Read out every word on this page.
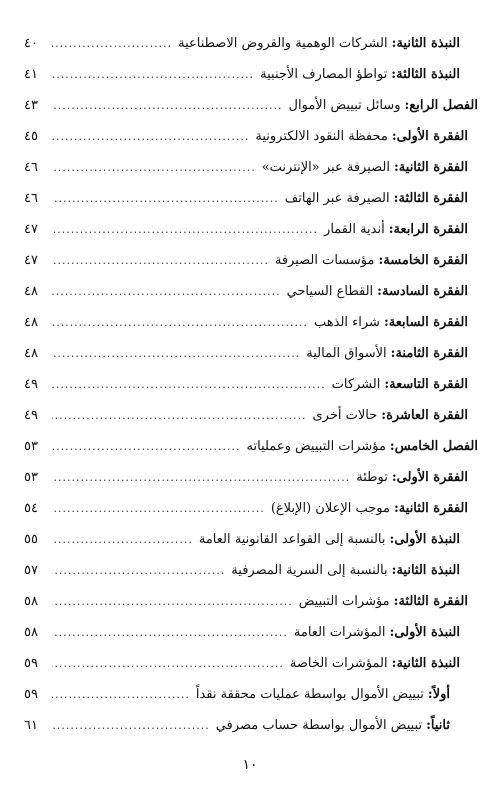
النبذة الثانية
:
الشركات الوهمية والقروض الاصطناعية
.....
٤٠
النبذة الثالثة
:
تواطؤ المصارف الأجنبية
.....
٤١
الفصل الرابع
:
وسائل تبييض الأموال
.....
٤٣
الفقرة الأولى
:
محفظة النقود الالكترونية
.....
٤٥
الفقرة الثانية
:
الصيرفة عبر «الإنترنت»
.....
٤٦
الفقرة الثالثة
:
الصيرفة عبر الهاتف
.....
٤٦
الفقرة الرابعة
:
أندية القمار
.....
٤٧
الفقرة الخامسة
:
مؤسسات الصيرفة
.....
٤٧
الفقرة السادسة
:
القطاع السياحي
.....
٤٨
الفقرة السابعة
:
شراء الذهب
.....
٤٨
الفقرة الثامنة
:
الأسواق المالية
.....
٤٨
الفقرة التاسعة
:
الشركات
.....
٤٩
الفقرة العاشرة
:
حالات أخرى
.....
٤٩
الفصل الخامس
:
مؤشرات التبييض وعملياته
.....
٥٣
الفقرة الأولى
:
توطئة
.....
٥٣
الفقرة الثانية
:
موجب الإعلان (الإبلاغ)
.....
٥٤
النبذة الأولى
:
بالنسبة إلى القواعد القانونية العامة
.....
٥٥
النبذة الثانية
:
بالنسبة إلى السرية المصرفية
.....
٥٧
الفقرة الثالثة
:
مؤشرات التبييض
.....
٥٨
النبذة الأولى
:
المؤشرات العامة
.....
٥٨
النبذة الثانية
:
المؤشرات الخاصة
.....
٥٩
أولاً
:
تبييض الأموال بواسطة عمليات محققة نقداً
.....
٥٩
ثانياً
:
تبييض الأموال بواسطة حساب مصرفي
.....
٦١
١٠
